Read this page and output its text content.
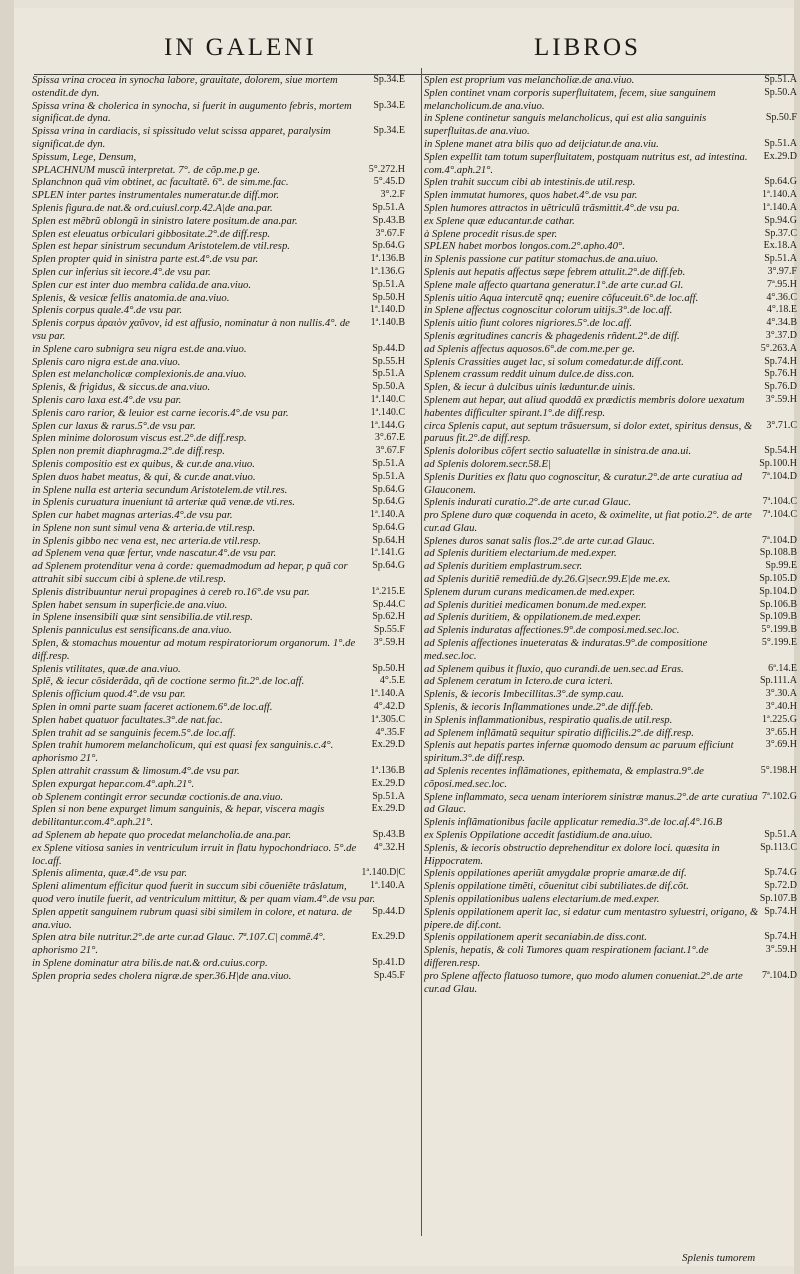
IN GALENI	LIBROS
Sp.34.E
Spissa vrina crocea in synocha labore, grauitate, dolorem, siue mortem ostendit.de dyn.
Sp.34.E
Spissa vrina & cholerica in synocha, si fuerit in augumento febris, mortem significat.de dyna.
Sp.34.E
Spissa vrina in cardiacis, si spissitudo velut scissa apparet, paralysim significat.de dyn.
Spissum, Lege, Densum,
5°.272.H
SPLACHNUM muscũ interpretat. 7°. de cõp.me.p ge.
5°.45.D
Splanchnon quã vim obtinet, ac facultatẽ. 6°. de sim.me.fac.
3°.2.F
SPLEN inter partes instrumentales numeratur.de diff.mor.
Sp.51.A
Splenis figura.de nat.& ord.cuiusl.corp.42.A|de ana.par.
Sp.43.B
Splen est mẽbrũ oblongũ in sinistro latere positum.de ana.par.
3°.67.F
Splen est eleuatus orbiculari gibbositate.2°.de diff.resp.
Sp.64.G
Splen est hepar sinistrum secundum Aristotelem.de vtil.resp.
1ª.136.B
Splen propter quid in sinistra parte est.4°.de vsu par.
1ª.136.G
Splen cur inferius sit iecore.4°.de vsu par.
Sp.51.A
Splen cur est inter duo membra calida.de ana.viuo.
Sp.50.H
Splenis, & vesicæ fellis anatomia.de ana.viuo.
1ª.140.D
Splenis corpus quale.4°.de vsu par.
1ª.140.B
Splenis corpus ἀραιὸν χαῦνον, id est affusio, nominatur à non nullis.4°. de vsu par.
Sp.44.D
in Splene caro subnigra seu nigra est.de ana.viuo.
Sp.55.H
Splenis caro nigra est.de ana.viuo.
Sp.51.A
Splen est melancholicæ complexionis.de ana.viuo.
Sp.50.A
Splenis, & frigidus, & siccus.de ana.viuo.
1ª.140.C
Splenis caro laxa est.4°.de vsu par.
1ª.140.C
Splenis caro rarior, & leuior est carne iecoris.4°.de vsu par.
1ª.144.G
Splen cur laxus & rarus.5°.de vsu par.
3°.67.E
Splen minime dolorosum viscus est.2°.de diff.resp.
3°.67.F
Splen non premit diaphragma.2°.de diff.resp.
Sp.51.A
Splenis compositio est ex quibus, & cur.de ana.viuo.
Sp.51.A
Splen duos habet meatus, & qui, & cur.de anat.viuo.
Sp.64.G
in Splene nulla est arteria secundum Aristotelem.de vtil.res.
Sp.64.G
in Splenis curuatura inueniunt tã arteriæ quã venæ.de vti.res.
1ª.140.A
Splen cur habet magnas arterias.4°.de vsu par.
Sp.64.G
in Splene non sunt simul vena & arteria.de vtil.resp.
Sp.64.H
in Splenis gibbo nec vena est, nec arteria.de vtil.resp.
1ª.141.G
ad Splenem vena quæ fertur, vnde nascatur.4°.de vsu par.
Sp.64.G
ad Splenem protenditur vena à corde: quemadmodum ad hepar, p quã cor attrahit sibi succum cibi à splene.de vtil.resp.
1ª.215.E
Splenis distribuuntur nerui propagines à cereb ro.16°.de vsu par.
Sp.44.C
Splen habet sensum in superficie.de ana.viuo.
Sp.62.H
in Splene insensibili quæ sint sensibilia.de vtil.resp.
Sp.55.F
Splenis panniculus est sensificans.de ana.viuo.
3°.59.H
Splen, & stomachus mouentur ad motum respiratoriorum organorum. 1°.de diff.resp.
Sp.50.H
Splenis vtilitates, quæ.de ana.viuo.
4°.5.E
Splẽ, & iecur cõsiderãda, qñ de coctione sermo fit.2°.de loc.aff.
1ª.140.A
Splenis officium quod.4°.de vsu par.
4°.42.D
Splen in omni parte suam faceret actionem.6°.de loc.aff.
1ª.305.C
Splen habet quatuor facultates.3°.de nat.fac.
4°.35.F
Splen trahit ad se sanguinis fecem.5°.de loc.aff.
Ex.29.D
Splen trahit humorem melancholicum, qui est quasi fex sanguinis.c.4°. aphorismo 21°.
1ª.136.B
Splen attrahit crassum & limosum.4°.de vsu par.
Ex.29.D
Splen expurgat hepar.com.4°.aph.21°.
Sp.51.A
ob Splenem contingit error secundæ coctionis.de ana.viuo.
Ex.29.D
Splen si non bene expurget limum sanguinis, & hepar, viscera magis debilitantur.com.4°.aph.21°.
Sp.43.B
ad Splenem ab hepate quo procedat melancholia.de ana.par.
4°.32.H
ex Splene vitiosa sanies in ventriculum irruit in flatu hypochondriaco. 5°.de loc.aff.
1ª.140.D|C
Splenis alimenta, quæ.4°.de vsu par.
1ª.140.A
Spleni alimentum efficitur quod fuerit in succum sibi cõueniẽte trãslatum, quod vero inutile fuerit, ad ventriculum mittitur, & per quam viam.4°.de vsu par.
Sp.44.D
Splen appetit sanguinem rubrum quasi sibi similem in colore, et natura. de ana.viuo.
Ex.29.D
Splen atra bile nutritur.2°.de arte cur.ad Glauc. 7ª.107.C| commẽ.4°. aphorismo 21°.
Sp.41.D
in Splene dominatur atra bilis.de nat.& ord.cuius.corp.
Sp.45.F
Splen propria sedes cholera nigræ.de sper.36.H|de ana.viuo.
Sp.51.A
Splen est proprium vas melancholiæ.de ana.viuo.
Sp.50.A
Splen continet vnam corporis superfluitatem, fecem, siue sanguinem melancholicum.de ana.viuo.
Sp.50.F
in Splene continetur sanguis melancholicus, qui est alia sanguinis superfluitas.de ana.viuo.
Sp.51.A
in Splene manet atra bilis quo ad deijciatur.de ana.viu.
Ex.29.D
Splen expellit tam totum superfluitatem, postquam nutritus est, ad intestina. com.4°.aph.21°.
Sp.64.G
Splen trahit succum cibi ab intestinis.de util.resp.
1ª.140.A
Splen immutat humores, quos habet.4°.de vsu par.
1ª.140.A
Splen humores attractos in uẽtriculũ trãsmittit.4°.de vsu pa.
Sp.94.G
ex Splene quæ educantur.de cathar.
Sp.37.C
à Splene procedit risus.de sper.
Ex.18.A
SPLEN habet morbos longos.com.2°.apho.40°.
Sp.51.A
in Splenis passione cur patitur stomachus.de ana.uiuo.
3°.97.F
Splenis aut hepatis affectus sæpe febrem attulit.2°.de diff.feb.
7ª.95.H
Splene male affecto quartana generatur.1°.de arte cur.ad Gl.
4°.36.C
Splenis uitio Aqua intercutẽ qnq; euenire cõfuceuit.6°.de loc.aff.
4°.18.E
in Splene affectus cognoscitur colorum uitijs.3°.de loc.aff.
4°.34.B
Splenis uitio fiunt colores nigriores.5°.de loc.aff.
3°.37.D
Splenis ægritudines cancris & phagedenis rñdent.2°.de diff.
5°.263.A
ad Splenis affectus aquosos.6°.de com.me.per ge.
Sp.74.H
Splenis Crassities auget lac, si solum comedatur.de diff.cont.
Sp.76.H
Splenem crassum reddit uinum dulce.de diss.con.
Sp.76.D
Splen, & iecur à dulcibus uinis læduntur.de uinis.
3°.59.H
Splenem aut hepar, aut aliud quoddã ex prædictis membris dolore uexatum habentes difficulter spirant.1°.de diff.resp.
3°.71.C
circa Splenis caput, aut septum trãsuersum, si dolor extet, spiritus densus, & paruus fit.2°.de diff.resp.
Sp.54.H
Splenis doloribus cõfert sectio saluatellæ in sinistra.de ana.ui.
Sp.100.H
ad Splenis dolorem.secr.58.E|
7ª.104.D
Splenis Durities ex flatu quo cognoscitur, & curatur.2°.de arte curatiua ad Glauconem.
7ª.104.C
Splenis indurati curatio.2°.de arte cur.ad Glauc.
7ª.104.C
pro Splene duro quæ coquenda in aceto, & oximelite, ut fiat potio.2°. de arte cur.ad Glau.
7ª.104.D
Splenes duros sanat salis flos.2°.de arte cur.ad Glauc.
Sp.108.B
ad Splenis duritiem electarium.de med.exper.
Sp.99.E
ad Splenis duritiem emplastrum.secr.
Sp.105.D
ad Splenis duritiẽ remediũ.de dy.26.G|secr.99.E|de me.ex.
Sp.104.D
Splenem durum curans medicamen.de med.exper.
Sp.106.B
ad Splenis duritiei medicamen bonum.de med.exper.
Sp.109.B
ad Splenis duritiem, & oppilationem.de med.exper.
5°.199.B
ad Splenis induratas affectiones.9°.de composi.med.sec.loc.
5°.199.E
ad Splenis affectiones inueteratas & induratas.9°.de compositione med.sec.loc.
6ª.14.E
ad Splenem quibus it fluxio, quo curandi.de uen.sec.ad Eras.
Sp.111.A
ad Splenem ceratum in Ictero.de cura icteri.
3°.30.A
Splenis, & iecoris Imbecillitas.3°.de symp.cau.
3°.40.H
Splenis, & iecoris Inflammationes unde.2°.de diff.feb.
1ª.225.G
in Splenis inflammationibus, respiratio qualis.de util.resp.
3°.65.H
ad Splenem inflãmatũ sequitur spiratio difficilis.2°.de diff.resp.
3°.69.H
Splenis aut hepatis partes infernæ quomodo densum ac paruum efficiunt spiritum.3°.de diff.resp.
5°.198.H
ad Splenis recentes inflãmationes, epithemata, & emplastra.9°.de cõposi.med.sec.loc.
7ª.102.G
Splene inflammato, seca uenam interiorem sinistræ manus.2°.de arte curatiua ad Glauc.
Splenis inflãmationibus facile applicatur remedia.3°.de loc.af.4°.16.B
Sp.51.A
ex Splenis Oppilatione accedit fastidium.de ana.uiuo.
Sp.113.C
Splenis, & iecoris obstructio deprehenditur ex dolore loci. quæsita in Hippocratem.
Sp.74.G
Splenis oppilationes aperiũt amygdalæ proprie amaræ.de dif.
Sp.72.D
Splenis oppilatione timẽti, cõuenitut cibi subtiliates.de dif.cõt.
Sp.107.B
Splenis oppilationibus ualens electarium.de med.exper.
Sp.74.H
Splenis oppilationem aperit lac, si edatur cum mentastro syluestri, origano, & pipere.de dif.cont.
Sp.74.H
Splenis oppilationem aperit secaniabin.de diss.cont.
3°.59.H
Splenis, hepatis, & coli Tumores quam respirationem faciant.1°.de differen.resp.
7ª.104.D
pro Splene affecto flatuoso tumore, quo modo alumen conueniat.2°.de arte cur.ad Glau.
Splenis tumorem
